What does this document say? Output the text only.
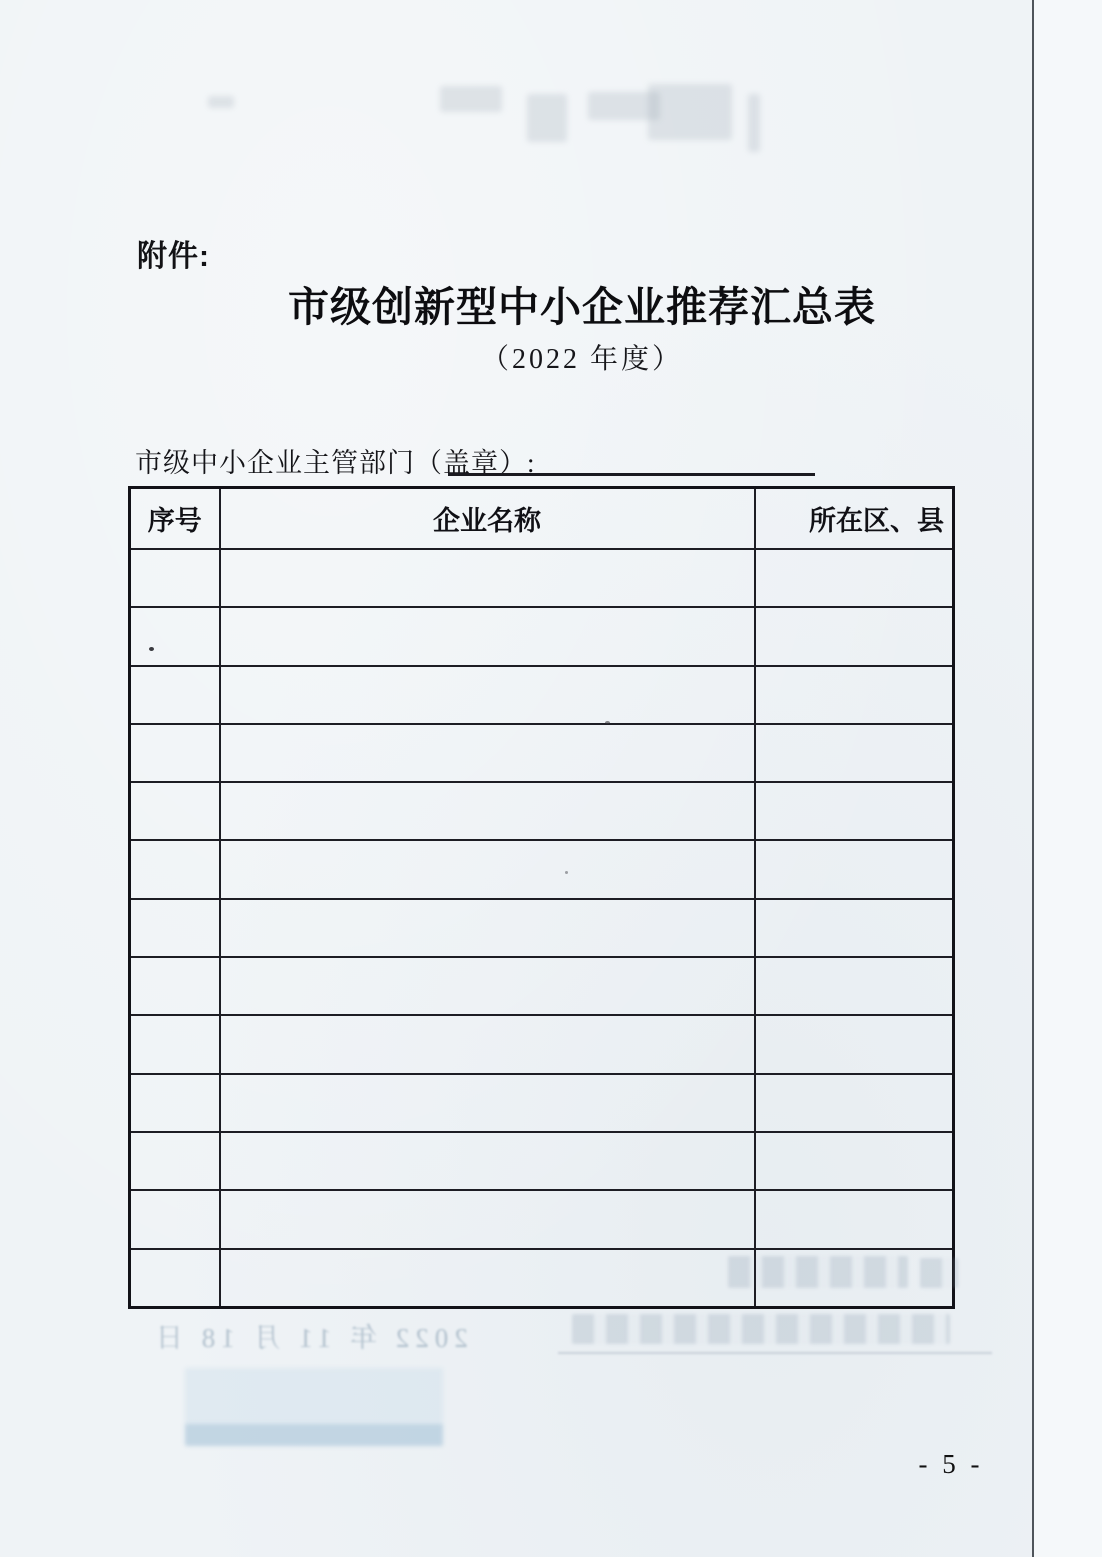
附件:
市级创新型中小企业推荐汇总表
（2022 年度）
市级中小企业主管部门（盖章）:
序号	企业名称	所在区、县

2022 年 11 月 18 日
- 5 -
